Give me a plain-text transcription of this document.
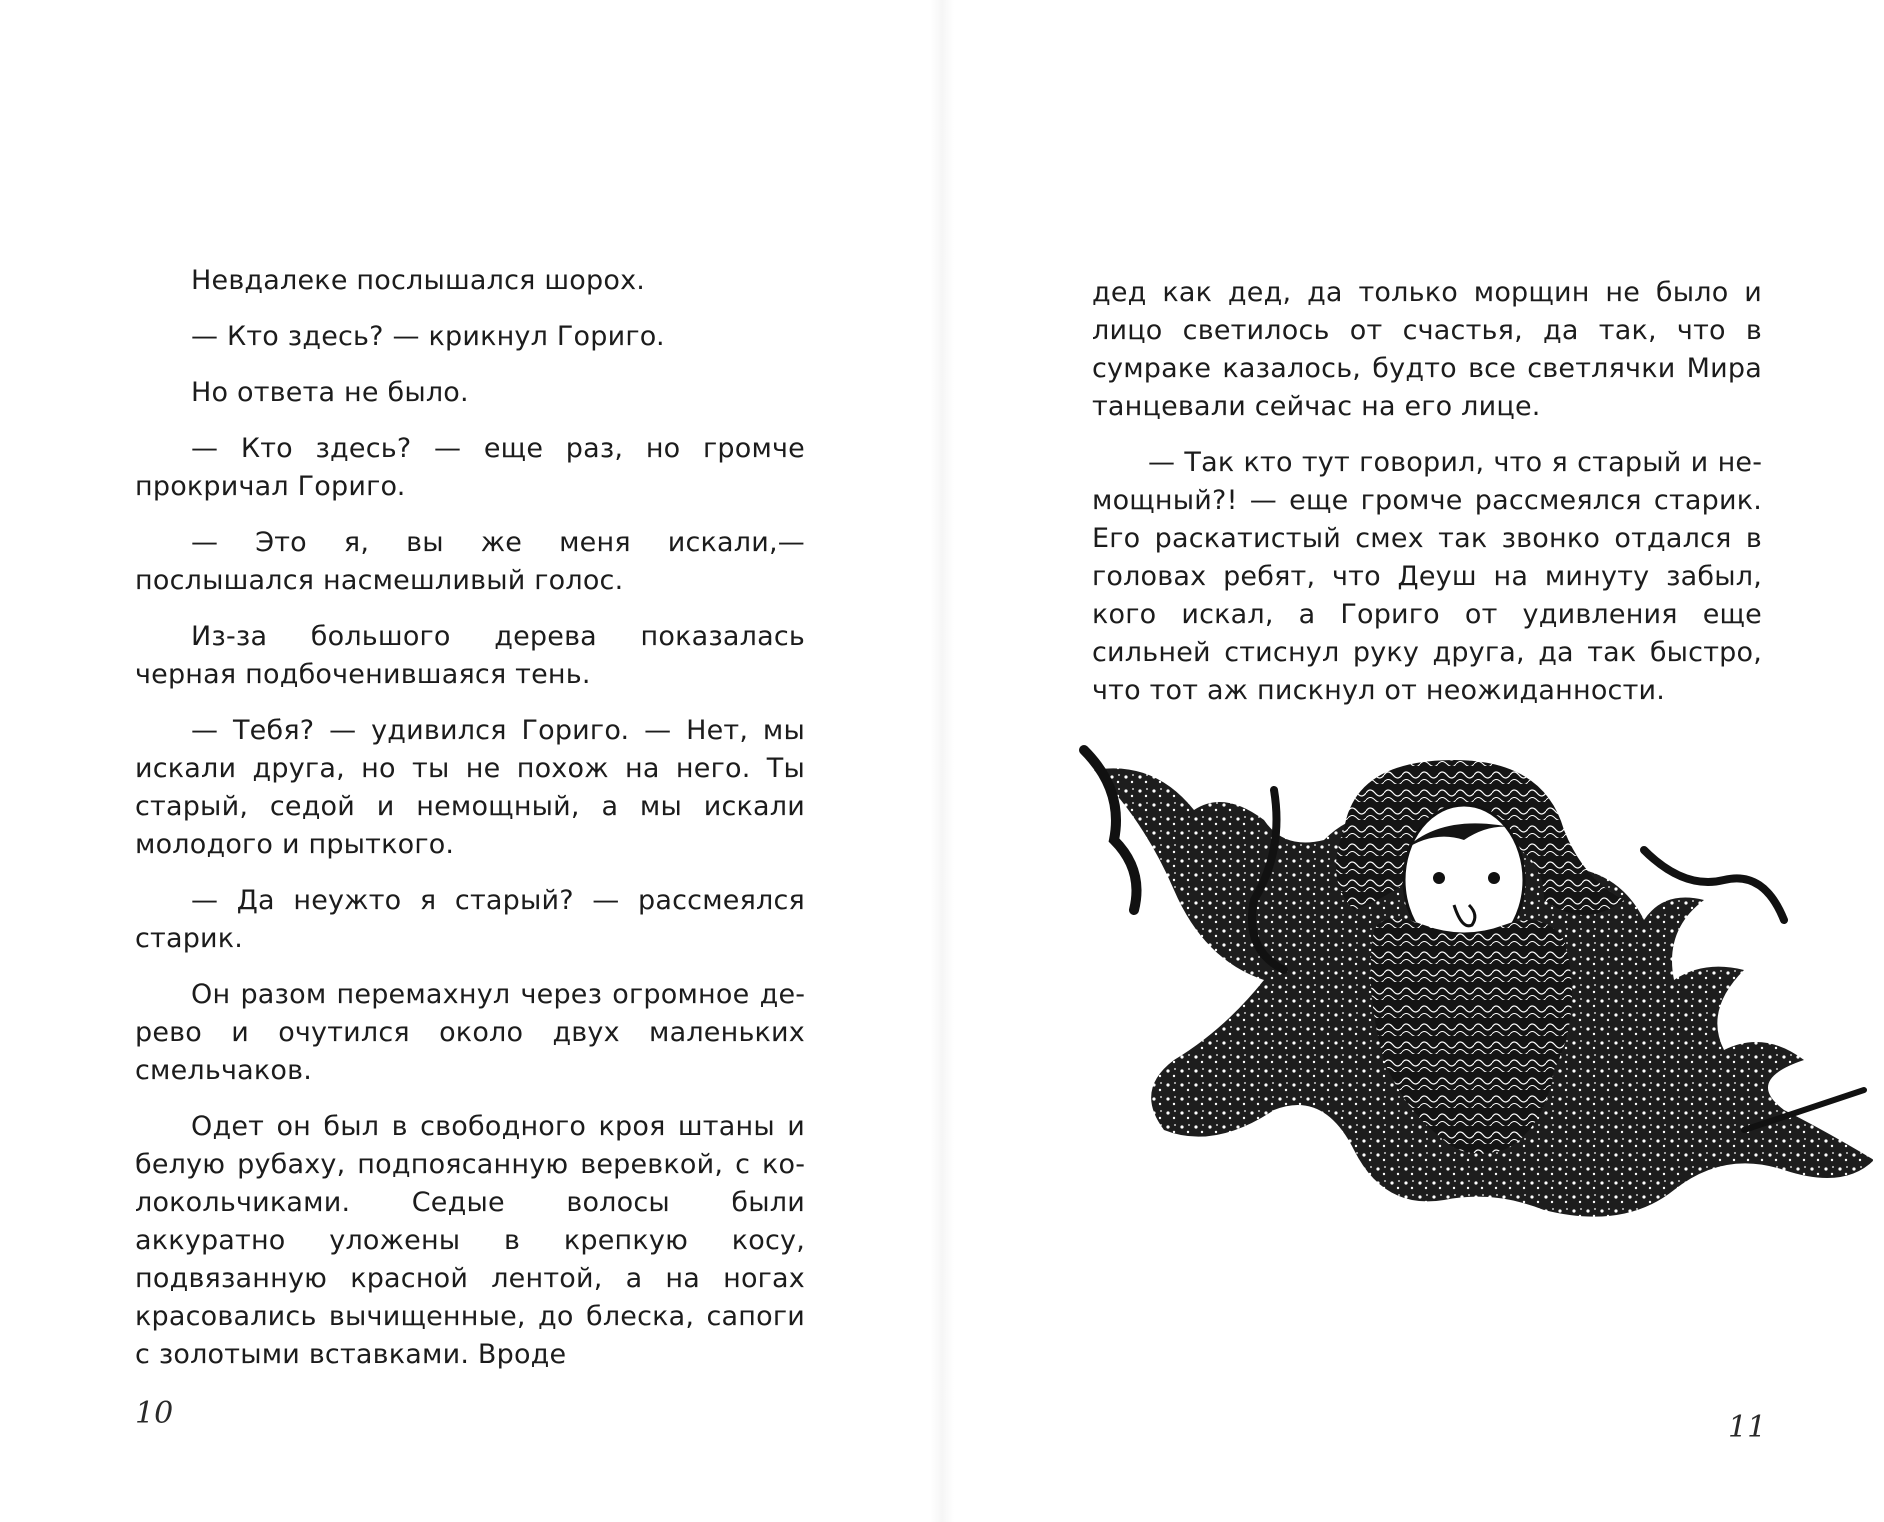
Невдалеке послышался шорох.

— Кто здесь? — крикнул Горигo.

Но ответа не было.

— Кто здесь? — еще раз, но громче прокричал Горигo.

— Это я, вы же меня искали,— послышался насмешливый голос.

Из-за большого дерева показалась черная подбоченившаяся тень.

— Тебя? — удивился Горигo. — Нет, мы искали друга, но ты не похож на него. Ты старый, седой и немощный, а мы искали молодого и прыткого.

— Да неужто я старый? — рассмеялся старик.

Он разом перемахнул через огромное дерево и очутился около двух маленьких смельчаков.

Одет он был в свободного кроя штаны и белую рубаху, подпоясанную веревкой, с колокольчиками. Седые волосы были аккуратно уложены в крепкую косу, подвязанную красной лентой, а на ногах красовались вычищенные, до блеска, сапоги с золотыми вставками. Вроде

10

дед как дед, да только морщин не было и лицо светилось от счастья, да так, что в сумраке казалось, будто все светлячки Мира танцевали сейчас на его лице.

— Так кто тут говорил, что я старый и немощный?! — еще громче рассмеялся старик. Его раскатистый смех так звонко отдался в головах ребят, что Деуш на минуту забыл, кого искал, а Горигo от удивления еще сильней стиснул руку друга, да так быстро, что тот аж пискнул от неожиданности.

11
